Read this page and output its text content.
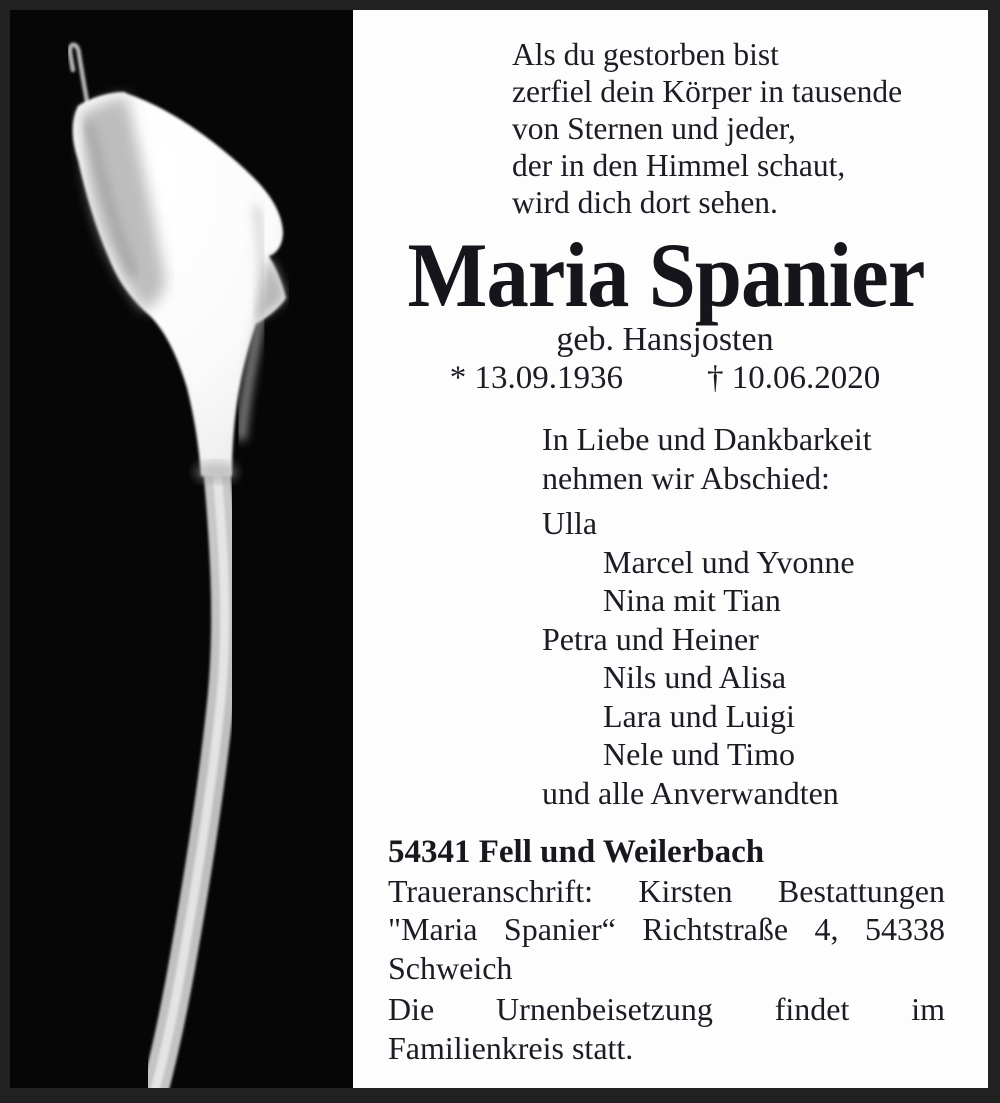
Als du gestorben bist
zerfiel dein Körper in tausende
von Sternen und jeder,
der in den Himmel schaut,
wird dich dort sehen.
Maria Spanier
geb. Hansjosten
* 13.09.1936	† 10.06.2020
In Liebe und Dankbarkeit
nehmen wir Abschied:
Ulla
Marcel und Yvonne
Nina mit Tian
Petra und Heiner
Nils und Alisa
Lara und Luigi
Nele und Timo
und alle Anverwandten
54341 Fell und Weilerbach
Traueranschrift: Kirsten Bestattungen
"Maria Spanier“ Richtstraße 4, 54338
Schweich
Die Urnenbeisetzung findet im
Familienkreis statt.
